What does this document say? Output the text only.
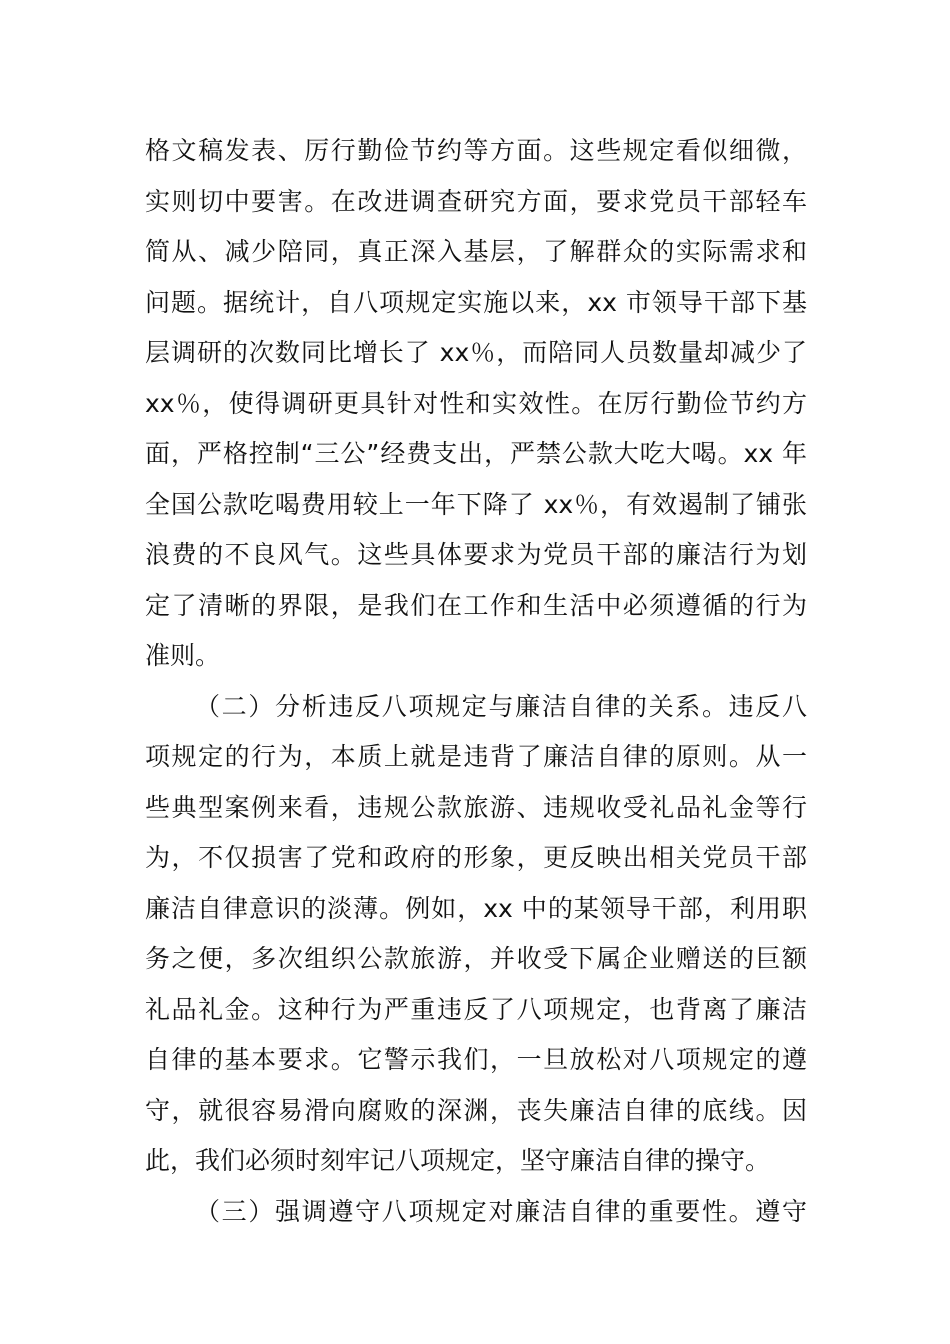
格文稿发表、厉行勤俭节约等方面。这些规定看似细微，
实则切中要害。在改进调查研究方面，要求党员干部轻车
简从、减少陪同，真正深入基层，了解群众的实际需求和
问题。据统计，自八项规定实施以来，xx 市领导干部下基
层调研的次数同比增长了 xx％，而陪同人员数量却减少了
xx％，使得调研更具针对性和实效性。在厉行勤俭节约方
面，严格控制“三公”经费支出，严禁公款大吃大喝。xx 年
全国公款吃喝费用较上一年下降了 xx％，有效遏制了铺张
浪费的不良风气。这些具体要求为党员干部的廉洁行为划
定了清晰的界限，是我们在工作和生活中必须遵循的行为
准则。
（二）分析违反八项规定与廉洁自律的关系。违反八
项规定的行为，本质上就是违背了廉洁自律的原则。从一
些典型案例来看，违规公款旅游、违规收受礼品礼金等行
为，不仅损害了党和政府的形象，更反映出相关党员干部
廉洁自律意识的淡薄。例如，xx 中的某领导干部，利用职
务之便，多次组织公款旅游，并收受下属企业赠送的巨额
礼品礼金。这种行为严重违反了八项规定，也背离了廉洁
自律的基本要求。它警示我们，一旦放松对八项规定的遵
守，就很容易滑向腐败的深渊，丧失廉洁自律的底线。因
此，我们必须时刻牢记八项规定，坚守廉洁自律的操守。
（三）强调遵守八项规定对廉洁自律的重要性。遵守
